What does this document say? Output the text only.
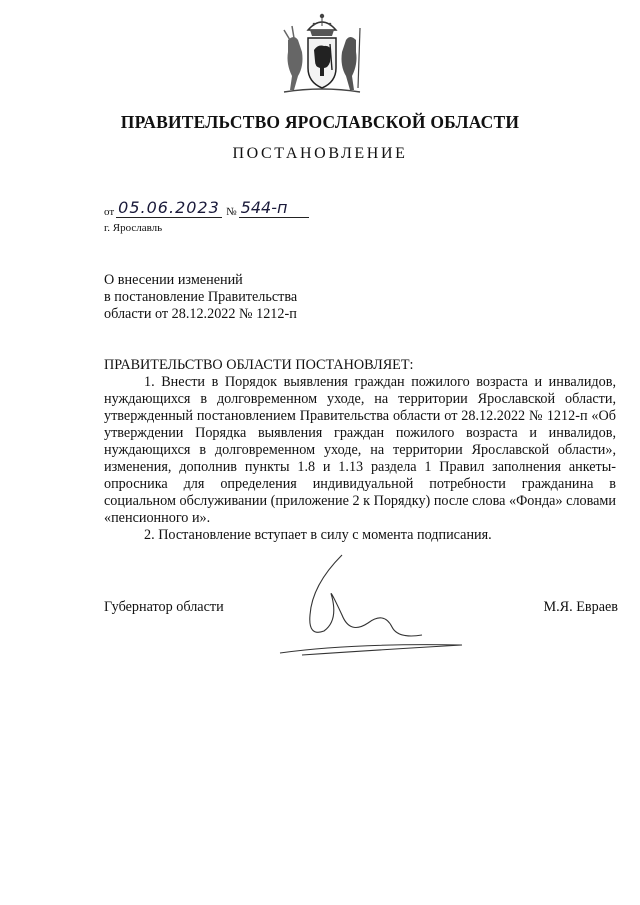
ПРАВИТЕЛЬСТВО ЯРОСЛАВСКОЙ ОБЛАСТИ
ПОСТАНОВЛЕНИЕ
от 05.06.2023 № 544-п
г. Ярославль
О внесении изменений
в постановление Правительства
области от 28.12.2022 № 1212-п

ПРАВИТЕЛЬСТВО ОБЛАСТИ ПОСТАНОВЛЯЕТ:

1. Внести в Порядок выявления граждан пожилого возраста и инвалидов, нуждающихся в долговременном уходе, на территории Ярославской области, утвержденный постановлением Правительства области от 28.12.2022 № 1212-п «Об утверждении Порядка выявления граждан пожилого возраста и инвалидов, нуждающихся в долговременном уходе, на территории Ярославской области», изменения, дополнив пункты 1.8 и 1.13 раздела 1 Правил заполнения анкеты-опросника для определения индивидуальной потребности гражданина в социальном обслуживании (приложение 2 к Порядку) после слова «Фонда» словами «пенсионного и».

2. Постановление вступает в силу с момента подписания.

Губернатор области	М.Я. Евраев
